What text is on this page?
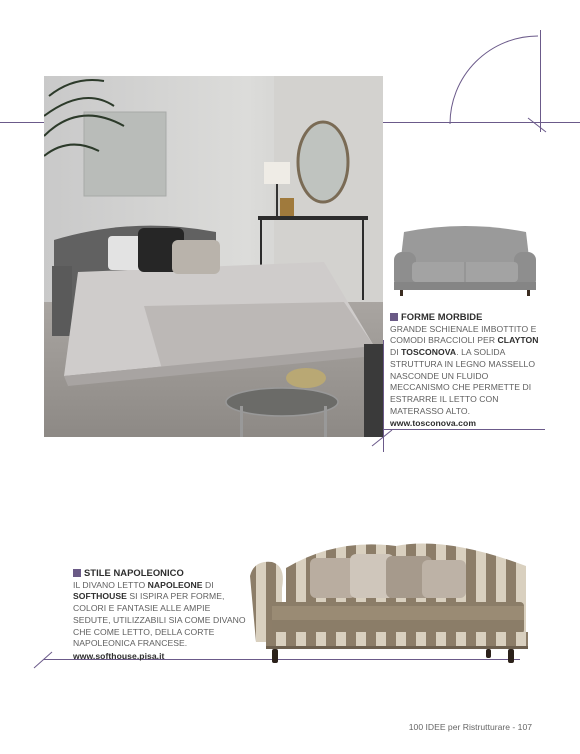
FORME MORBIDE
GRANDE SCHIENALE IMBOTTITO E COMODI BRACCIOLI PER CLAYTON DI TOSCONOVA. LA SOLIDA STRUTTURA IN LEGNO MASSELLO NASCONDE UN FLUIDO MECCANISMO CHE PERMETTE DI ESTRARRE IL LETTO CON MATERASSO ALTO.
www.tosconova.com
STILE NAPOLEONICO
IL DIVANO LETTO NAPOLEONE DI SOFTHOUSE SI ISPIRA PER FORME, COLORI E FANTASIE ALLE AMPIE SEDUTE, UTILIZZABILI SIA COME DIVANO CHE COME LETTO, DELLA CORTE NAPOLEONICA FRANCESE.
www.softhouse.pisa.it
100 IDEE per Ristrutturare - 107
